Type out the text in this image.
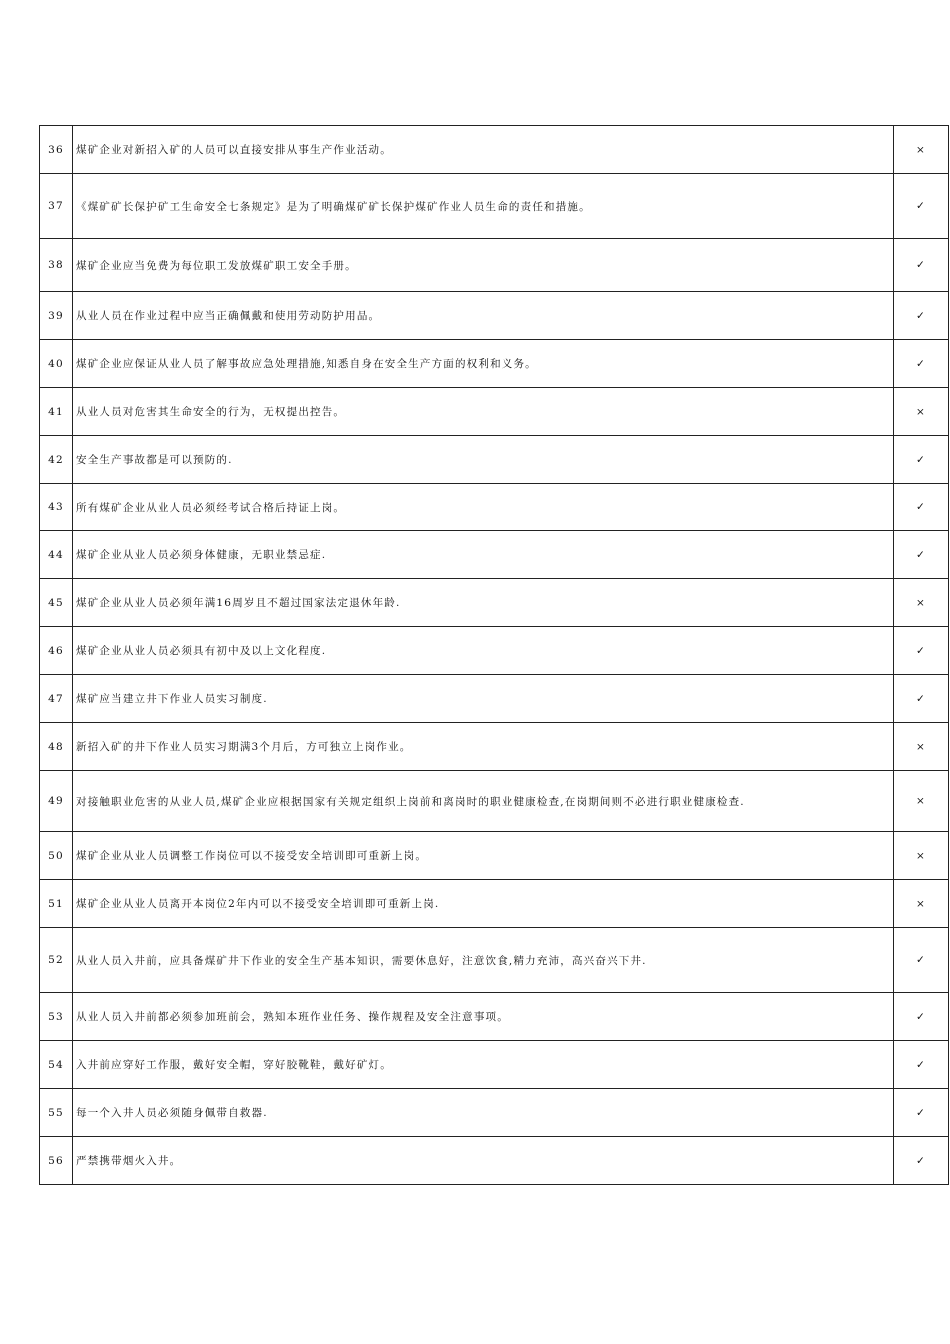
36	煤矿企业对新招入矿的人员可以直接安排从事生产作业活动。	×
37	《煤矿矿长保护矿工生命安全七条规定》是为了明确煤矿矿长保护煤矿作业人员生命的责任和措施。	✓
38	煤矿企业应当免费为每位职工发放煤矿职工安全手册。	✓
39	从业人员在作业过程中应当正确佩戴和使用劳动防护用品。	✓
40	煤矿企业应保证从业人员了解事故应急处理措施,知悉自身在安全生产方面的权利和义务。	✓
41	从业人员对危害其生命安全的行为，无权提出控告。	×
42	安全生产事故都是可以预防的.	✓
43	所有煤矿企业从业人员必须经考试合格后持证上岗。	✓
44	煤矿企业从业人员必须身体健康，无职业禁忌症.	✓
45	煤矿企业从业人员必须年满16周岁且不超过国家法定退休年龄.	×
46	煤矿企业从业人员必须具有初中及以上文化程度.	✓
47	煤矿应当建立井下作业人员实习制度.	✓
48	新招入矿的井下作业人员实习期满3个月后，方可独立上岗作业。	×
49	对接触职业危害的从业人员,煤矿企业应根据国家有关规定组织上岗前和离岗时的职业健康检查,在岗期间则不必进行职业健康检查.	×
50	煤矿企业从业人员调整工作岗位可以不接受安全培训即可重新上岗。	×
51	煤矿企业从业人员离开本岗位2年内可以不接受安全培训即可重新上岗.	×
52	从业人员入井前，应具备煤矿井下作业的安全生产基本知识，需要休息好，注意饮食,精力充沛，高兴奋兴下井.	✓
53	从业人员入井前都必须参加班前会，熟知本班作业任务、操作规程及安全注意事项。	✓
54	入井前应穿好工作服，戴好安全帽，穿好胶靴鞋，戴好矿灯。	✓
55	每一个入井人员必须随身佩带自救器.	✓
56	严禁携带烟火入井。	✓
